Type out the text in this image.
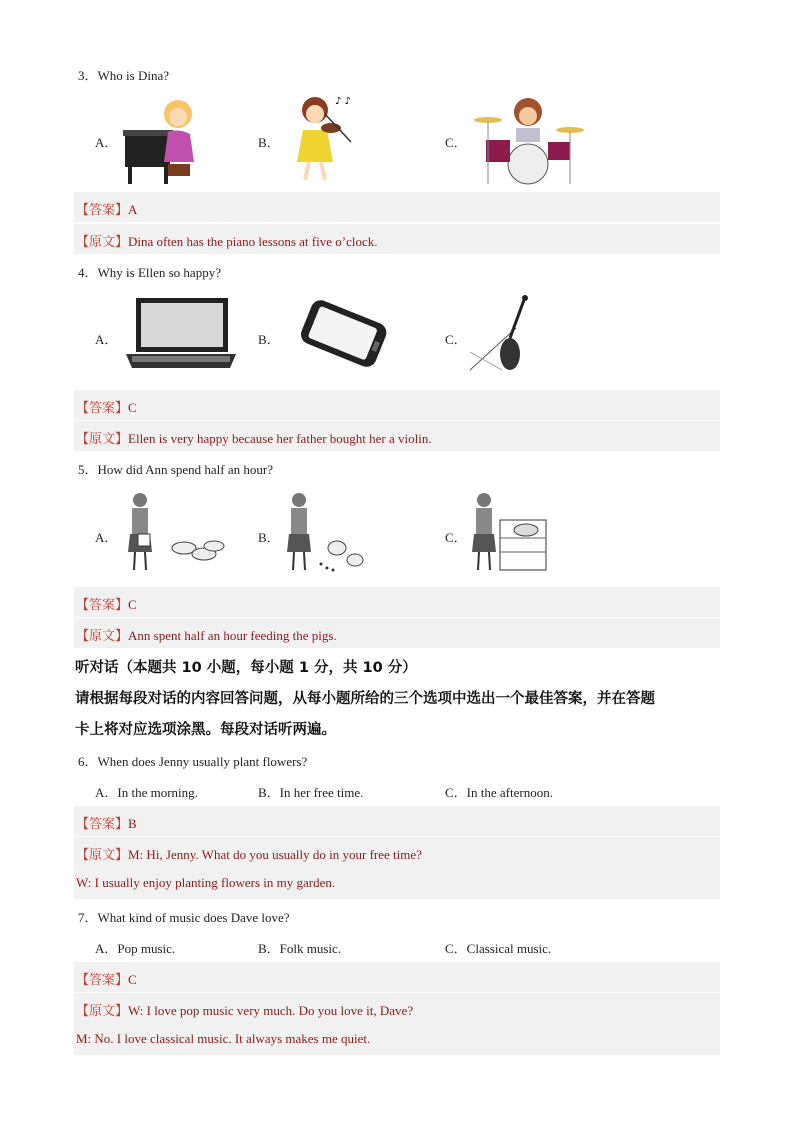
3．Who is Dina?
A．	B．
♪ ♪
C．
【答案】A
【原文】Dina often has the piano lessons at five o’clock.
4．Why is Ellen so happy?
A．	B．	C．
【答案】C
【原文】Ellen is very happy because her father bought her a violin.
5．How did Ann spend half an hour?
A．	B．	C．
【答案】C
【原文】Ann spent half an hour feeding the pigs.
听对话（本题共 10 小题，每小题 1 分，共 10 分）
请根据每段对话的内容回答问题，从每小题所给的三个选项中选出一个最佳答案，并在答题
卡上将对应选项涂黑。每段对话听两遍。
6．When does Jenny usually plant flowers?
A．In the morning.	B．In her free time.	C．In the afternoon.
【答案】B
【原文】M: Hi, Jenny. What do you usually do in your free time?
W: I usually enjoy planting flowers in my garden.
7．What kind of music does Dave love?
A．Pop music.	B．Folk music.	C．Classical music.
【答案】C
【原文】W: I love pop music very much. Do you love it, Dave?
M: No. I love classical music. It always makes me quiet.
